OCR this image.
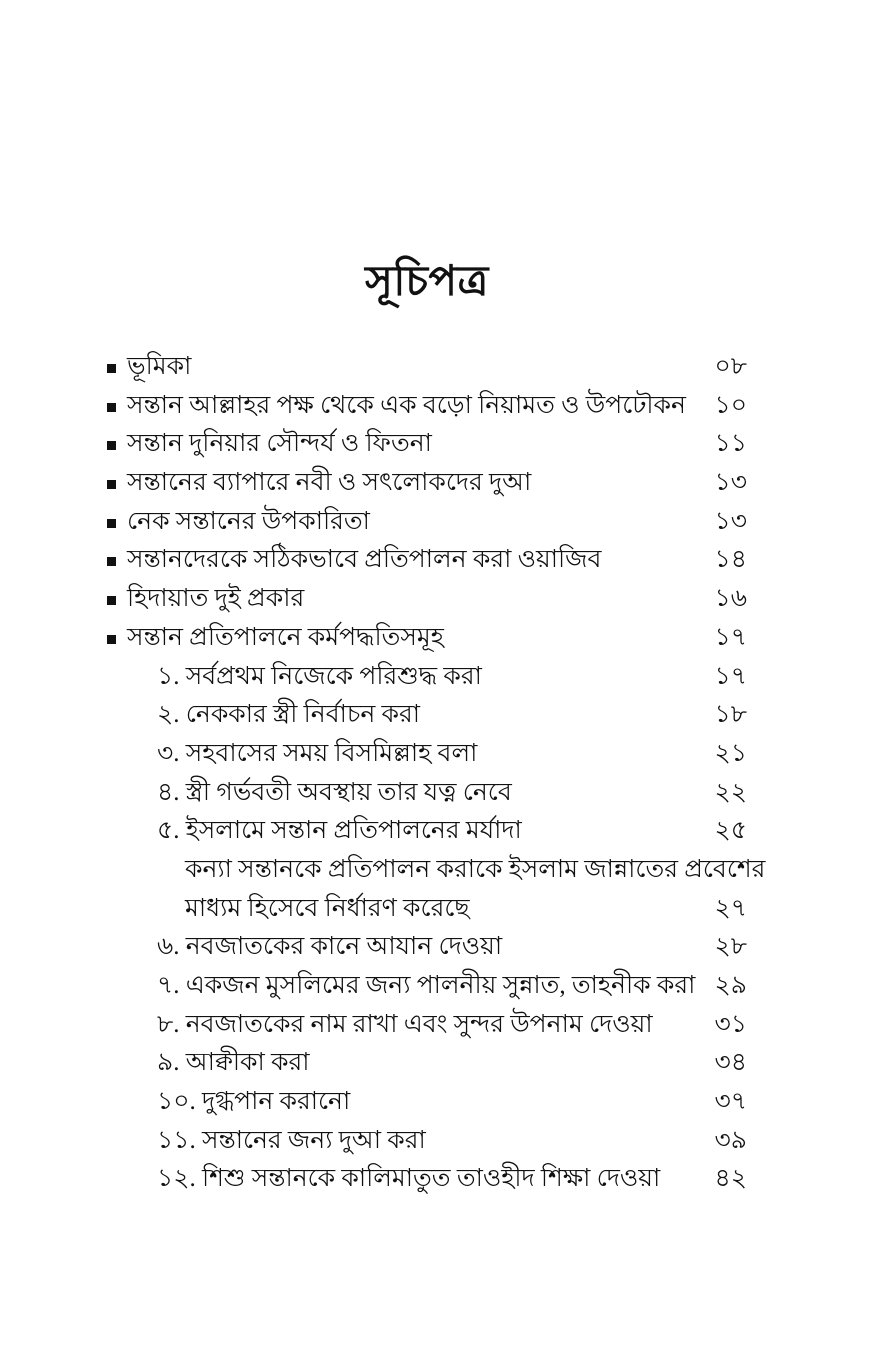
সূচিপত্র
ভূমিকা	০৮
সন্তান আল্লাহর পক্ষ থেকে এক বড়ো নিয়ামত ও উপঢৌকন ১০
সন্তান দুনিয়ার সৌন্দর্য ও ফিতনা	১১
সন্তানের ব্যাপারে নবী ও সৎলোকদের দুআ	১৩
নেক সন্তানের উপকারিতা	১৩
সন্তানদেরকে সঠিকভাবে প্রতিপালন করা ওয়াজিব	১৪
হিদায়াত দুই প্রকার	১৬
সন্তান প্রতিপালনে কর্মপদ্ধতিসমূহ	১৭
১. সর্বপ্রথম নিজেকে পরিশুদ্ধ করা	১৭
২. নেককার স্ত্রী নির্বাচন করা	১৮
৩. সহবাসের সময় বিসমিল্লাহ বলা	২১
৪. স্ত্রী গর্ভবতী অবস্থায় তার যত্ন নেবে	২২
৫. ইসলামে সন্তান প্রতিপালনের মর্যাদা	২৫
কন্যা সন্তানকে প্রতিপালন করাকে ইসলাম জান্নাতের প্রবেশের
মাধ্যম হিসেবে নির্ধারণ করেছে	২৭
৬. নবজাতকের কানে আযান দেওয়া	২৮
৭. একজন মুসলিমের জন্য পালনীয় সুন্নাত, তাহনীক করা ২৯
৮. নবজাতকের নাম রাখা এবং সুন্দর উপনাম দেওয়া ৩১
৯. আক্বীকা করা	৩৪
১০. দুগ্ধপান করানো	৩৭
১১. সন্তানের জন্য দুআ করা	৩৯
১২. শিশু সন্তানকে কালিমাতুত তাওহীদ শিক্ষা দেওয়া ৪২
